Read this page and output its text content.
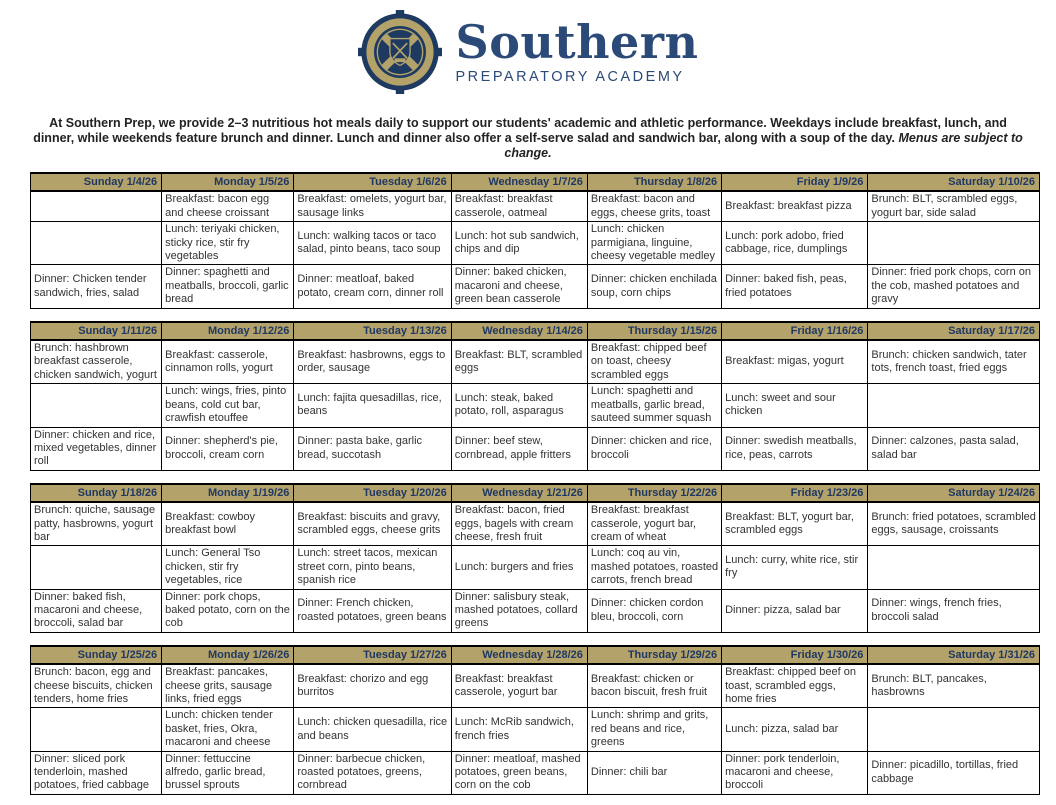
Southern
PREPARATORY ACADEMY

At Southern Prep, we provide 2–3 nutritious hot meals daily to support our students' academic and athletic performance. Weekdays include breakfast, lunch, and dinner, while weekends feature brunch and dinner. Lunch and dinner also offer a self-serve salad and sandwich bar, along with a soup of the day. Menus are subject to change.

Sunday 1/4/26	Monday 1/5/26	Tuesday 1/6/26	Wednesday 1/7/26	Thursday 1/8/26	Friday 1/9/26	Saturday 1/10/26
	Breakfast: bacon egg and cheese croissant	Breakfast: omelets, yogurt bar, sausage links	Breakfast: breakfast casserole, oatmeal	Breakfast: bacon and eggs, cheese grits, toast	Breakfast: breakfast pizza	Brunch: BLT, scrambled eggs, yogurt bar, side salad
	Lunch: teriyaki chicken, sticky rice, stir fry vegetables	Lunch: walking tacos or taco salad, pinto beans, taco soup	Lunch: hot sub sandwich, chips and dip	Lunch: chicken parmigiana, linguine, cheesy vegetable medley	Lunch: pork adobo, fried cabbage, rice, dumplings	
Dinner: Chicken tender sandwich, fries, salad	Dinner: spaghetti and meatballs, broccoli, garlic bread	Dinner: meatloaf, baked potato, cream corn, dinner roll	Dinner: baked chicken, macaroni and cheese, green bean casserole	Dinner: chicken enchilada soup, corn chips	Dinner: baked fish, peas, fried potatoes	Dinner: fried pork chops, corn on the cob, mashed potatoes and gravy
Sunday 1/11/26	Monday 1/12/26	Tuesday 1/13/26	Wednesday 1/14/26	Thursday 1/15/26	Friday 1/16/26	Saturday 1/17/26
Brunch: hashbrown breakfast casserole, chicken sandwich, yogurt	Breakfast: casserole, cinnamon rolls, yogurt	Breakfast: hasbrowns, eggs to order, sausage	Breakfast: BLT, scrambled eggs	Breakfast: chipped beef on toast, cheesy scrambled eggs	Breakfast: migas, yogurt	Brunch: chicken sandwich, tater tots, french toast, fried eggs
	Lunch: wings, fries, pinto beans, cold cut bar, crawfish etouffee	Lunch: fajita quesadillas, rice, beans	Lunch: steak, baked potato, roll, asparagus	Lunch: spaghetti and meatballs, garlic bread, sauteed summer squash	Lunch: sweet and sour chicken	
Dinner: chicken and rice, mixed vegetables, dinner roll	Dinner: shepherd's pie, broccoli, cream corn	Dinner: pasta bake, garlic bread, succotash	Dinner: beef stew, cornbread, apple fritters	Dinner: chicken and rice, broccoli	Dinner: swedish meatballs, rice, peas, carrots	Dinner: calzones, pasta salad, salad bar
Sunday 1/18/26	Monday 1/19/26	Tuesday 1/20/26	Wednesday 1/21/26	Thursday 1/22/26	Friday 1/23/26	Saturday 1/24/26
Brunch: quiche, sausage patty, hasbrowns, yogurt bar	Breakfast: cowboy breakfast bowl	Breakfast: biscuits and gravy, scrambled eggs, cheese grits	Breakfast: bacon, fried eggs, bagels with cream cheese, fresh fruit	Breakfast: breakfast casserole, yogurt bar, cream of wheat	Breakfast: BLT, yogurt bar, scrambled eggs	Brunch: fried potatoes, scrambled eggs, sausage, croissants
	Lunch: General Tso chicken, stir fry vegetables, rice	Lunch: street tacos, mexican street corn, pinto beans, spanish rice	Lunch: burgers and fries	Lunch: coq au vin, mashed potatoes, roasted carrots, french bread	Lunch: curry, white rice, stir fry	
Dinner: baked fish, macaroni and cheese, broccoli, salad bar	Dinner: pork chops, baked potato, corn on the cob	Dinner: French chicken, roasted potatoes, green beans	Dinner: salisbury steak, mashed potatoes, collard greens	Dinner: chicken cordon bleu, broccoli, corn	Dinner: pizza, salad bar	Dinner: wings, french fries, broccoli salad
Sunday 1/25/26	Monday 1/26/26	Tuesday 1/27/26	Wednesday 1/28/26	Thursday 1/29/26	Friday 1/30/26	Saturday 1/31/26
Brunch: bacon, egg and cheese biscuits, chicken tenders, home fries	Breakfast: pancakes, cheese grits, sausage links, fried eggs	Breakfast: chorizo and egg burritos	Breakfast: breakfast casserole, yogurt bar	Breakfast: chicken or bacon biscuit, fresh fruit	Breakfast: chipped beef on toast, scrambled eggs, home fries	Brunch: BLT, pancakes, hasbrowns
	Lunch: chicken tender basket, fries, Okra, macaroni and cheese	Lunch: chicken quesadilla, rice and beans	Lunch: McRib sandwich, french fries	Lunch: shrimp and grits, red beans and rice, greens	Lunch: pizza, salad bar	
Dinner: sliced pork tenderloin, mashed potatoes, fried cabbage	Dinner: fettuccine alfredo, garlic bread, brussel sprouts	Dinner: barbecue chicken, roasted potatoes, greens, cornbread	Dinner: meatloaf, mashed potatoes, green beans, corn on the cob	Dinner: chili bar	Dinner: pork tenderloin, macaroni and cheese, broccoli	Dinner: picadillo, tortillas, fried cabbage
